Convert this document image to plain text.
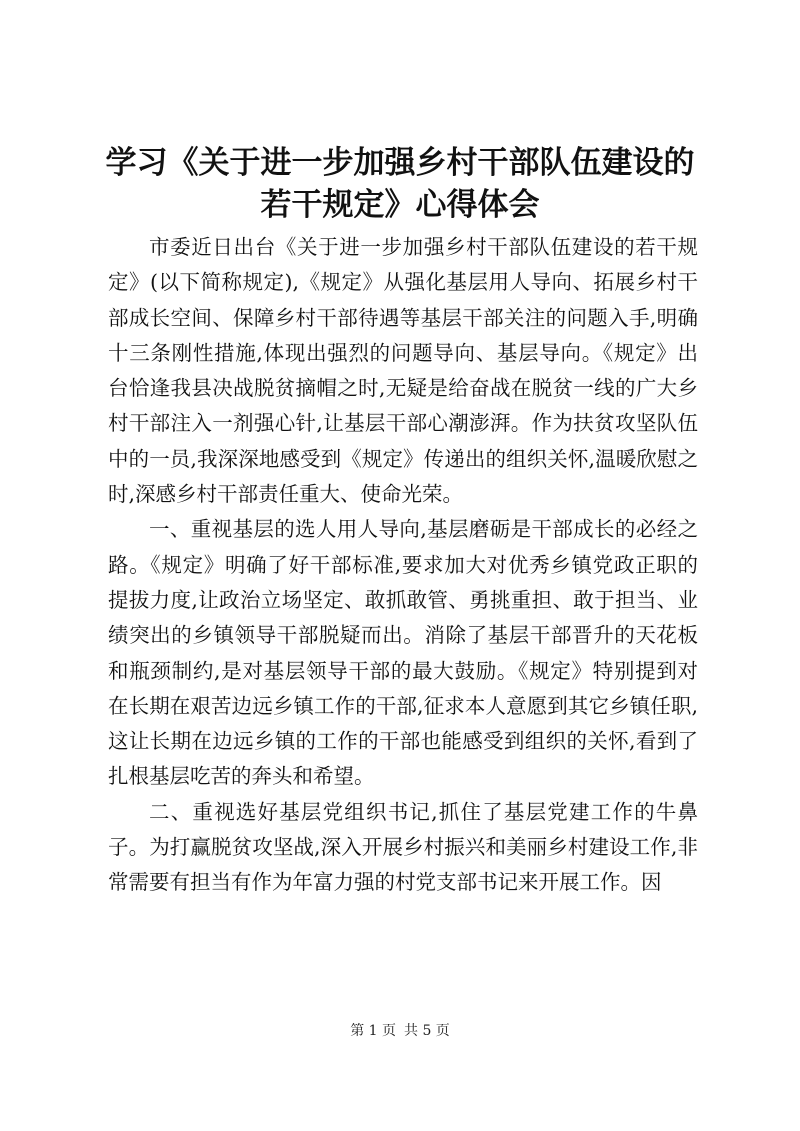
学习《关于进一步加强乡村干部队伍建设的若干规定》心得体会

市委近日出台《关于进一步加强乡村干部队伍建设的若干规定》(以下简称规定),《规定》从强化基层用人导向、拓展乡村干部成长空间、保障乡村干部待遇等基层干部关注的问题入手,明确十三条刚性措施,体现出强烈的问题导向、基层导向。《规定》出台恰逢我县决战脱贫摘帽之时,无疑是给奋战在脱贫一线的广大乡村干部注入一剂强心针,让基层干部心潮澎湃。作为扶贫攻坚队伍中的一员,我深深地感受到《规定》传递出的组织关怀,温暖欣慰之时,深感乡村干部责任重大、使命光荣。

一、重视基层的选人用人导向,基层磨砺是干部成长的必经之路。《规定》明确了好干部标准,要求加大对优秀乡镇党政正职的提拔力度,让政治立场坚定、敢抓敢管、勇挑重担、敢于担当、业绩突出的乡镇领导干部脱疑而出。消除了基层干部晋升的天花板和瓶颈制约,是对基层领导干部的最大鼓励。《规定》特别提到对在长期在艰苦边远乡镇工作的干部,征求本人意愿到其它乡镇任职,这让长期在边远乡镇的工作的干部也能感受到组织的关怀,看到了扎根基层吃苦的奔头和希望。

二、重视选好基层党组织书记,抓住了基层党建工作的牛鼻子。为打赢脱贫攻坚战,深入开展乡村振兴和美丽乡村建设工作,非常需要有担当有作为年富力强的村党支部书记来开展工作。因

第 1 页 共 5 页
